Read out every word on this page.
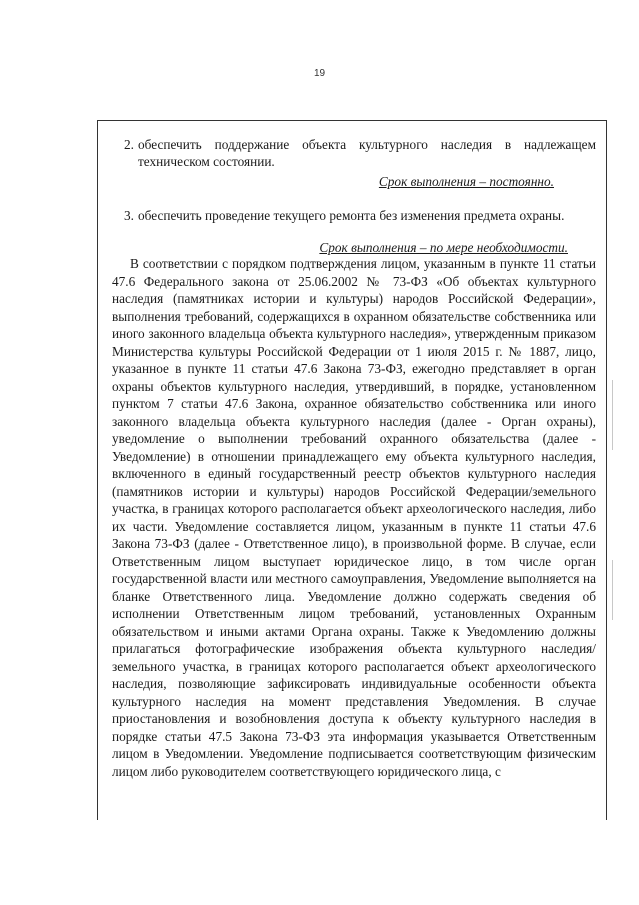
19
2. обеспечить поддержание объекта культурного наследия в надлежащем техническом состоянии.
Срок выполнения – постоянно.
3. обеспечить проведение текущего ремонта без изменения предмета охраны.
Срок выполнения – по мере необходимости.

В соответствии с порядком подтверждения лицом, указанным в пункте 11 статьи 47.6 Федерального закона от 25.06.2002 № 73-ФЗ «Об объектах культурного наследия (памятниках истории и культуры) народов Российской Федерации», выполнения требований, содержащихся в охранном обязательстве собственника или иного законного владельца объекта культурного наследия», утвержденным приказом Министерства культуры Российской Федерации от 1 июля 2015 г. № 1887, лицо, указанное в пункте 11 статьи 47.6 Закона 73-ФЗ, ежегодно представляет в орган охраны объектов культурного наследия, утвердивший, в порядке, установленном пунктом 7 статьи 47.6 Закона, охранное обязательство собственника или иного законного владельца объекта культурного наследия (далее - Орган охраны), уведомление о выполнении требований охранного обязательства (далее - Уведомление) в отношении принадлежащего ему объекта культурного наследия, включенного в единый государственный реестр объектов культурного наследия (памятников истории и культуры) народов Российской Федерации/земельного участка, в границах которого располагается объект археологического наследия, либо их части. Уведомление составляется лицом, указанным в пункте 11 статьи 47.6 Закона 73-ФЗ (далее - Ответственное лицо), в произвольной форме. В случае, если Ответственным лицом выступает юридическое лицо, в том числе орган государственной власти или местного самоуправления, Уведомление выполняется на бланке Ответственного лица. Уведомление должно содержать сведения об исполнении Ответственным лицом требований, установленных Охранным обязательством и иными актами Органа охраны. Также к Уведомлению должны прилагаться фотографические изображения объекта культурного наследия/земельного участка, в границах которого располагается объект археологического наследия, позволяющие зафиксировать индивидуальные особенности объекта культурного наследия на момент представления Уведомления. В случае приостановления и возобновления доступа к объекту культурного наследия в порядке статьи 47.5 Закона 73-ФЗ эта информация указывается Ответственным лицом в Уведомлении. Уведомление подписывается соответствующим физическим лицом либо руководителем соответствующего юридического лица, с
